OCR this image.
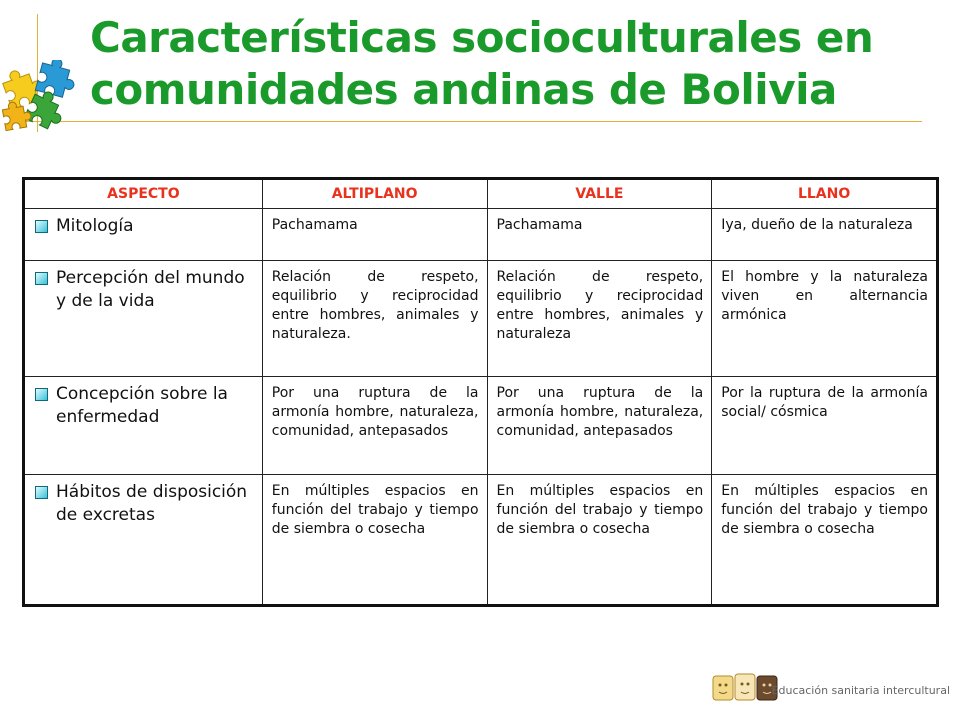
Características socioculturales en comunidades andinas de Bolivia
ASPECTO	ALTIPLANO	VALLE	LLANO

Mitología	Pachamama	Pachamama	Iya, dueño de la naturaleza

Percepción del mundo y de la vida	Relación de respeto, equilibrio y reciprocidad entre hombres, animales y naturaleza.	Relación de respeto, equilibrio y reciprocidad entre hombres, animales y naturaleza	El hombre y la naturaleza viven en alternancia armónica

Concepción sobre la enfermedad	Por una ruptura de la armonía hombre, naturaleza, comunidad, antepasados	Por una ruptura de la armonía hombre, naturaleza, comunidad, antepasados	Por la ruptura de la armonía social/ cósmica

Hábitos de disposición de excretas	En múltiples espacios en función del trabajo y tiempo de siembra o cosecha	En múltiples espacios en función del trabajo y tiempo de siembra o cosecha	En múltiples espacios en función del trabajo y tiempo de siembra o cosecha
Educación sanitaria intercultural
